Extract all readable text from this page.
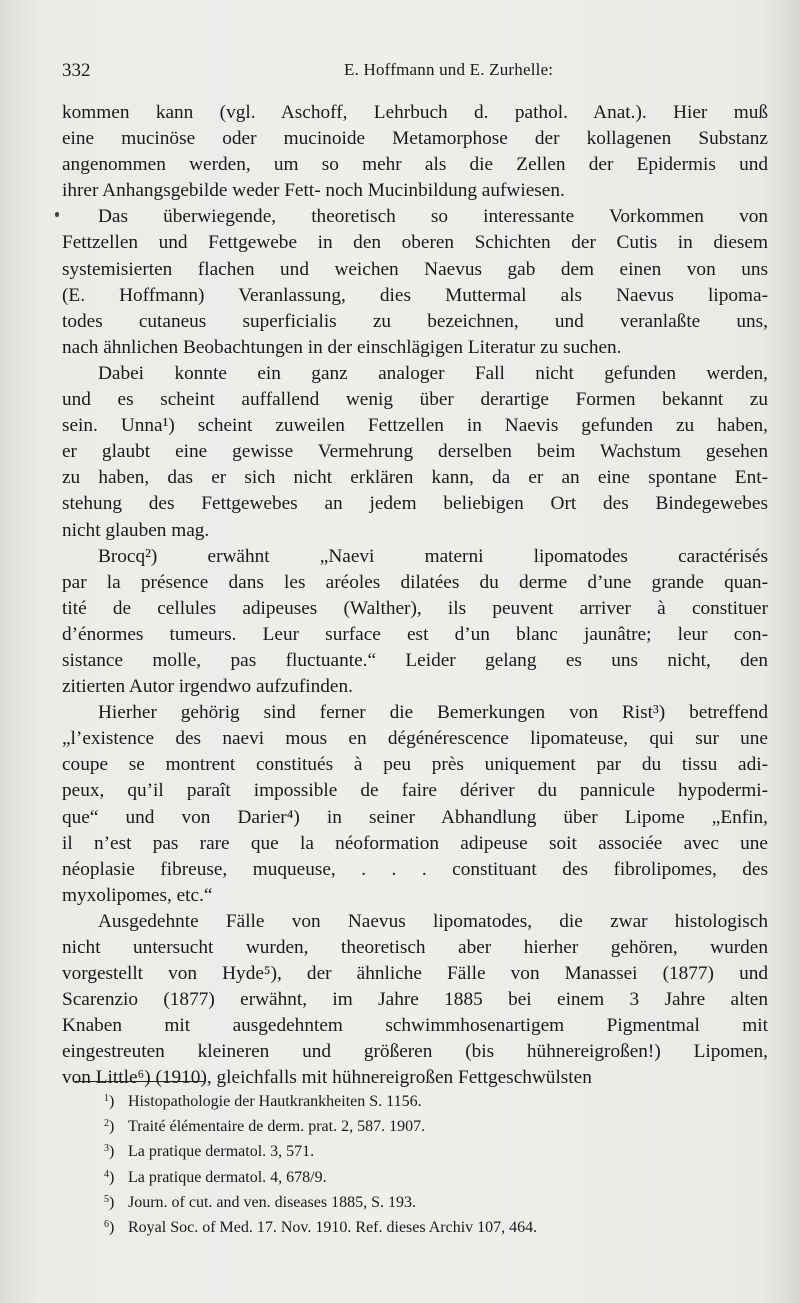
332	E. Hoffmann und E. Zurhelle:

kommen kann (vgl. Aschoff, Lehrbuch d. pathol. Anat.). Hier muß

eine mucinöse oder mucinoide Metamorphose der kollagenen Substanz

angenommen werden, um so mehr als die Zellen der Epidermis und

ihrer Anhangsgebilde weder Fett- noch Mucinbildung aufwiesen.

Das überwiegende, theoretisch so interessante Vorkommen von

Fettzellen und Fettgewebe in den oberen Schichten der Cutis in diesem

systemisierten flachen und weichen Naevus gab dem einen von uns

(E. Hoffmann) Veranlassung, dies Muttermal als Naevus lipoma-

todes cutaneus superficialis zu bezeichnen, und veranlaßte uns,

nach ähnlichen Beobachtungen in der einschlägigen Literatur zu suchen.

Dabei konnte ein ganz analoger Fall nicht gefunden werden,

und es scheint auffallend wenig über derartige Formen bekannt zu

sein. Unna¹) scheint zuweilen Fettzellen in Naevis gefunden zu haben,

er glaubt eine gewisse Vermehrung derselben beim Wachstum gesehen

zu haben, das er sich nicht erklären kann, da er an eine spontane Ent-

stehung des Fettgewebes an jedem beliebigen Ort des Bindegewebes

nicht glauben mag.

Brocq²) erwähnt „Naevi materni lipomatodes caractérisés

par la présence dans les aréoles dilatées du derme d’une grande quan-

tité de cellules adipeuses (Walther), ils peuvent arriver à constituer

d’énormes tumeurs. Leur surface est d’un blanc jaunâtre; leur con-

sistance molle, pas fluctuante.“ Leider gelang es uns nicht, den

zitierten Autor irgendwo aufzufinden.

Hierher gehörig sind ferner die Bemerkungen von Rist³) betreffend

„l’existence des naevi mous en dégénérescence lipomateuse, qui sur une

coupe se montrent constitués à peu près uniquement par du tissu adi-

peux, qu’il paraît impossible de faire dériver du pannicule hypodermi-

que“ und von Darier⁴) in seiner Abhandlung über Lipome „Enfin,

il n’est pas rare que la néoformation adipeuse soit associée avec une

néoplasie fibreuse, muqueuse, . . . constituant des fibrolipomes, des

myxolipomes, etc.“

Ausgedehnte Fälle von Naevus lipomatodes, die zwar histologisch

nicht untersucht wurden, theoretisch aber hierher gehören, wurden

vorgestellt von Hyde⁵), der ähnliche Fälle von Manassei (1877) und

Scarenzio (1877) erwähnt, im Jahre 1885 bei einem 3 Jahre alten

Knaben mit ausgedehntem schwimmhosenartigem Pigmentmal mit

eingestreuten kleineren und größeren (bis hühnereigroßen!) Lipomen,

von Little⁶) (1910), gleichfalls mit hühnereigroßen Fettgeschwülsten

$^1$) Histopathologie der Hautkrankheiten S. 1156.

$^2$) Traité élémentaire de derm. prat. 2, 587. 1907.

$^3$) La pratique dermatol. 3, 571.

$^4$) La pratique dermatol. 4, 678/9.

$^5$) Journ. of cut. and ven. diseases 1885, S. 193.

$^6$) Royal Soc. of Med. 17. Nov. 1910. Ref. dieses Archiv 107, 464.
